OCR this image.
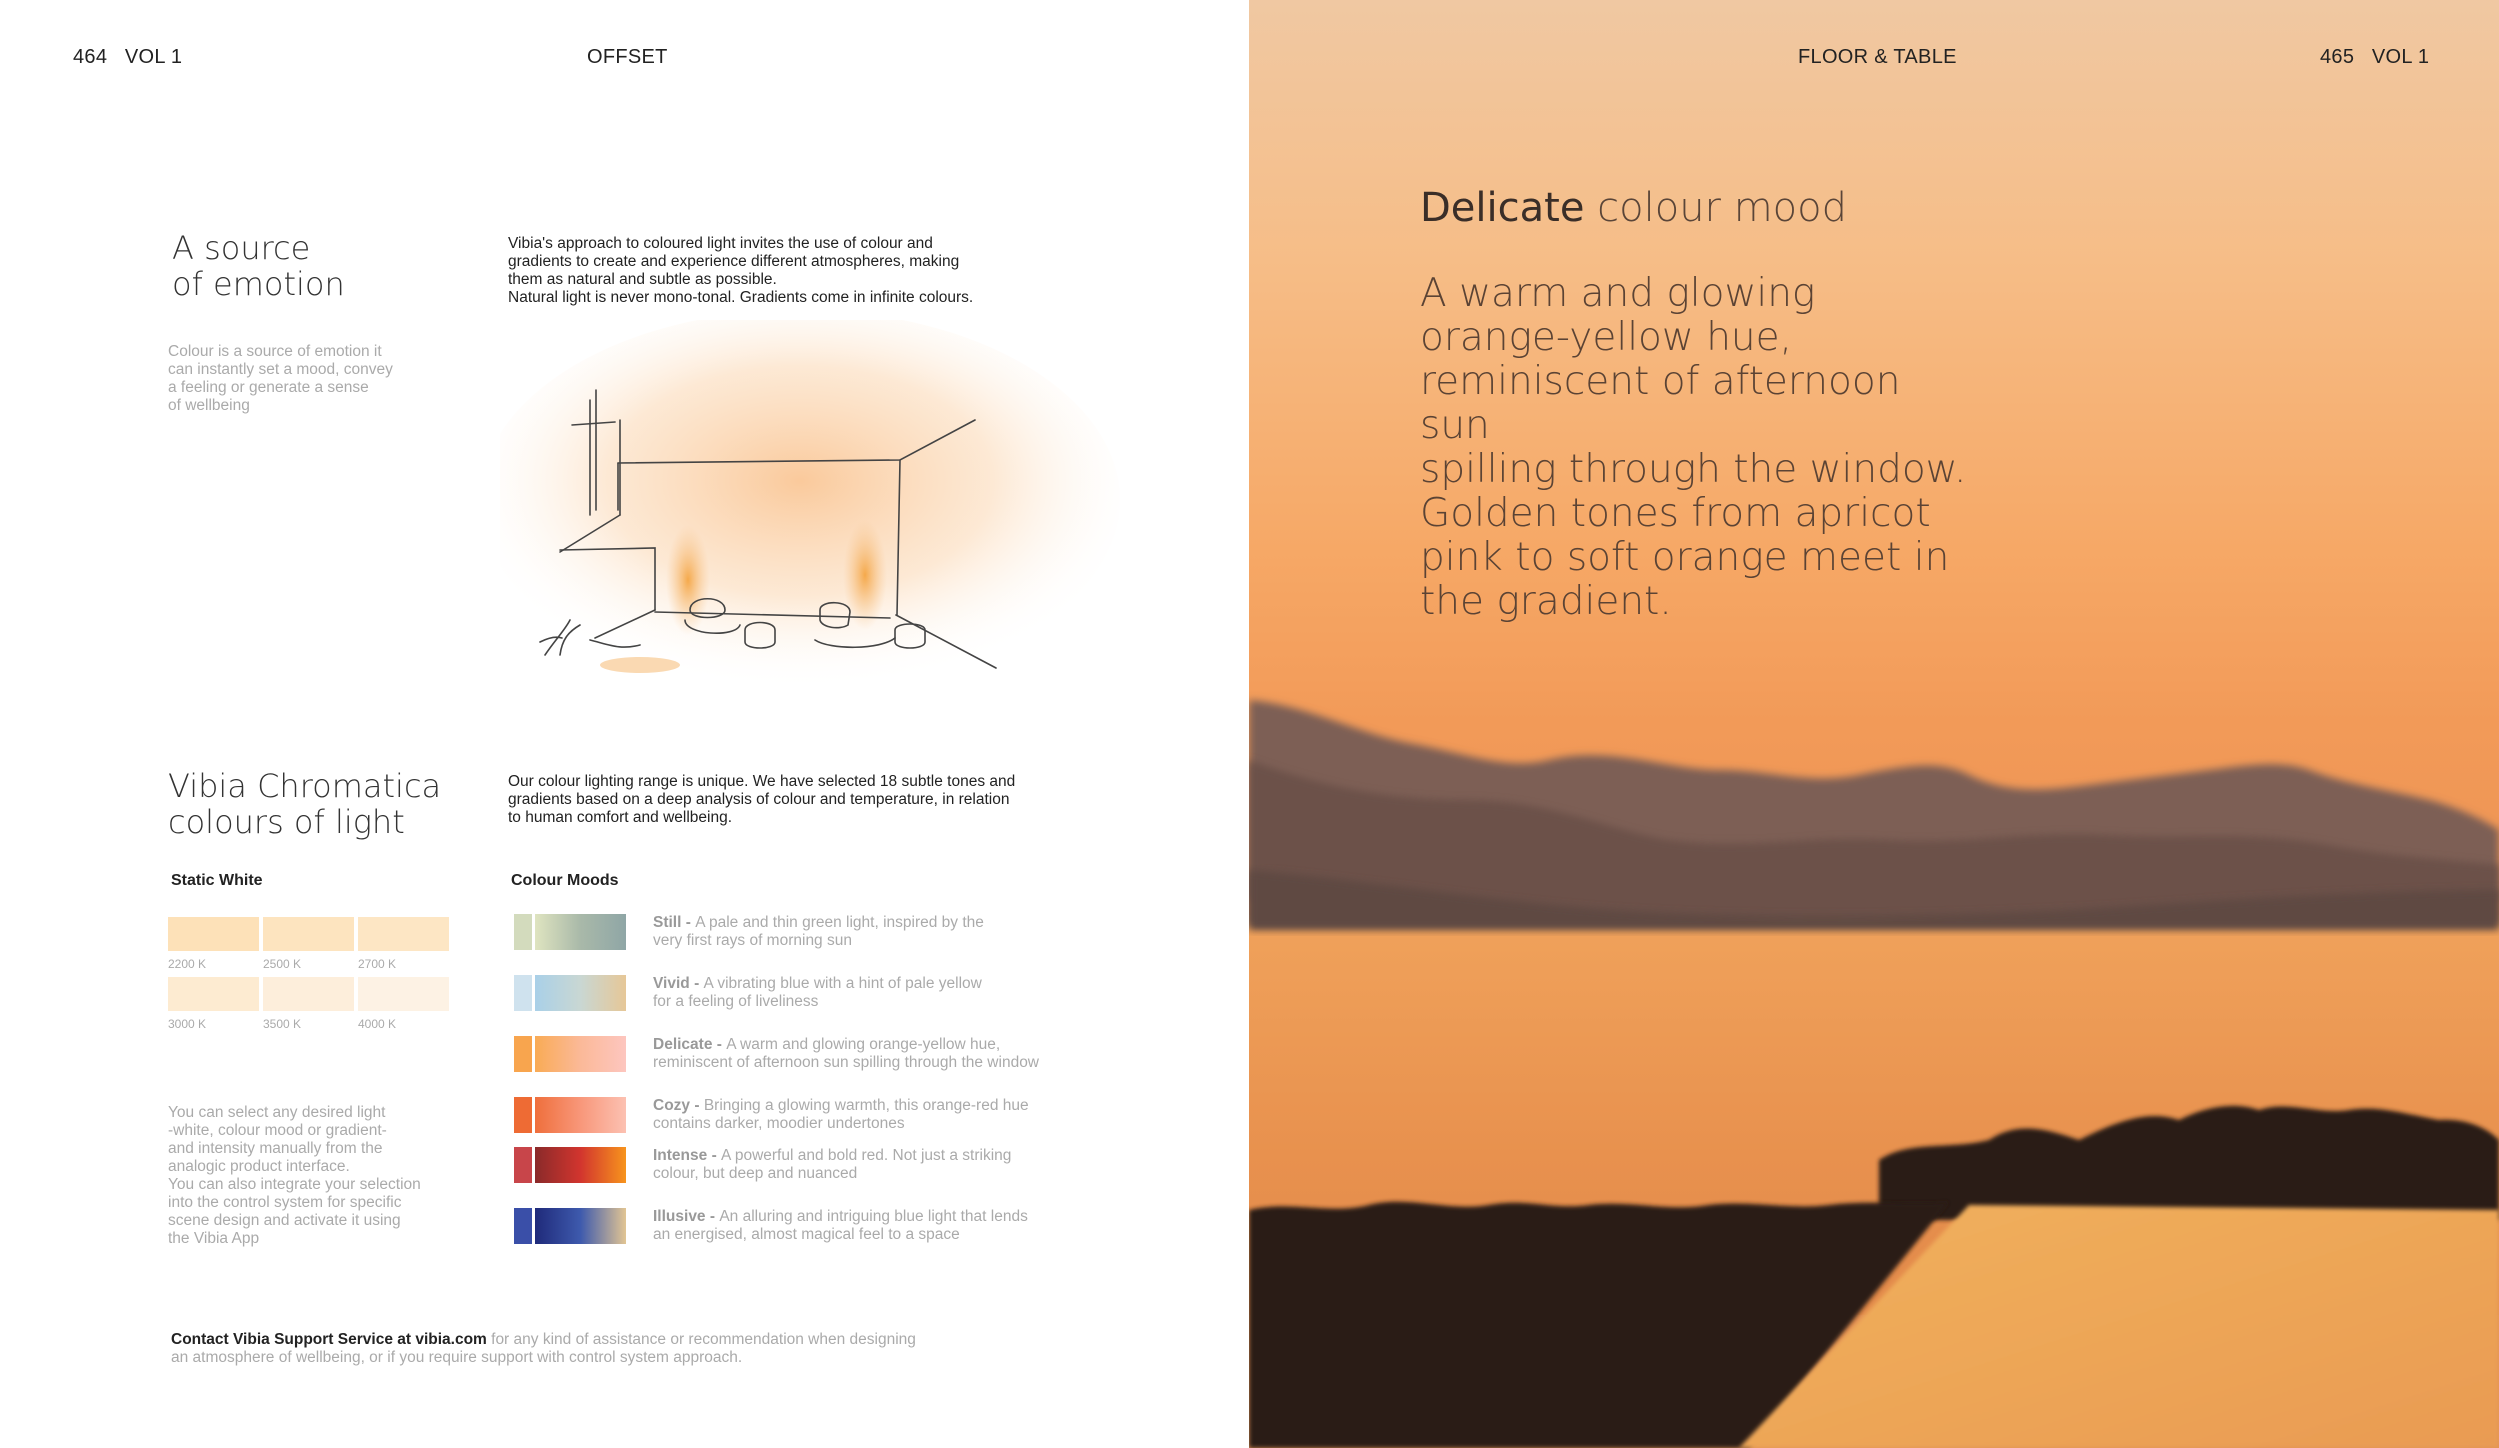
464 VOL 1	OFFSET
A source
of emotion
Colour is a source of emotion it
can instantly set a mood, convey
a feeling or generate a sense
of wellbeing
Vibia's approach to coloured light invites the use of colour and
gradients to create and experience different atmospheres, making
them as natural and subtle as possible.
Natural light is never mono-tonal. Gradients come in infinite colours.
Vibia Chromatica
colours of light
Our colour lighting range is unique. We have selected 18 subtle tones and
gradients based on a deep analysis of colour and temperature, in relation
to human comfort and wellbeing.
Static White
2200 K	2500 K	2700 K
3000 K	3500 K	4000 K
Colour Moods
Still - A pale and thin green light, inspired by the
very first rays of morning sun
Vivid - A vibrating blue with a hint of pale yellow
for a feeling of liveliness
Delicate - A warm and glowing orange-yellow hue,
reminiscent of afternoon sun spilling through the window
Cozy - Bringing a glowing warmth, this orange-red hue
contains darker, moodier undertones
Intense - A powerful and bold red. Not just a striking
colour, but deep and nuanced
Illusive - An alluring and intriguing blue light that lends
an energised, almost magical feel to a space
You can select any desired light
-white, colour mood or gradient-
and intensity manually from the
analogic product interface.
You can also integrate your selection
into the control system for specific
scene design and activate it using
the Vibia App
Contact Vibia Support Service at vibia.com for any kind of assistance or recommendation when designing
an atmosphere of wellbeing, or if you require support with control system approach.
FLOOR & TABLE	465 VOL 1
Delicate colour mood
A warm and glowing
orange-yellow hue,
reminiscent of afternoon sun
spilling through the window.
Golden tones from apricot
pink to soft orange meet in
the gradient.
